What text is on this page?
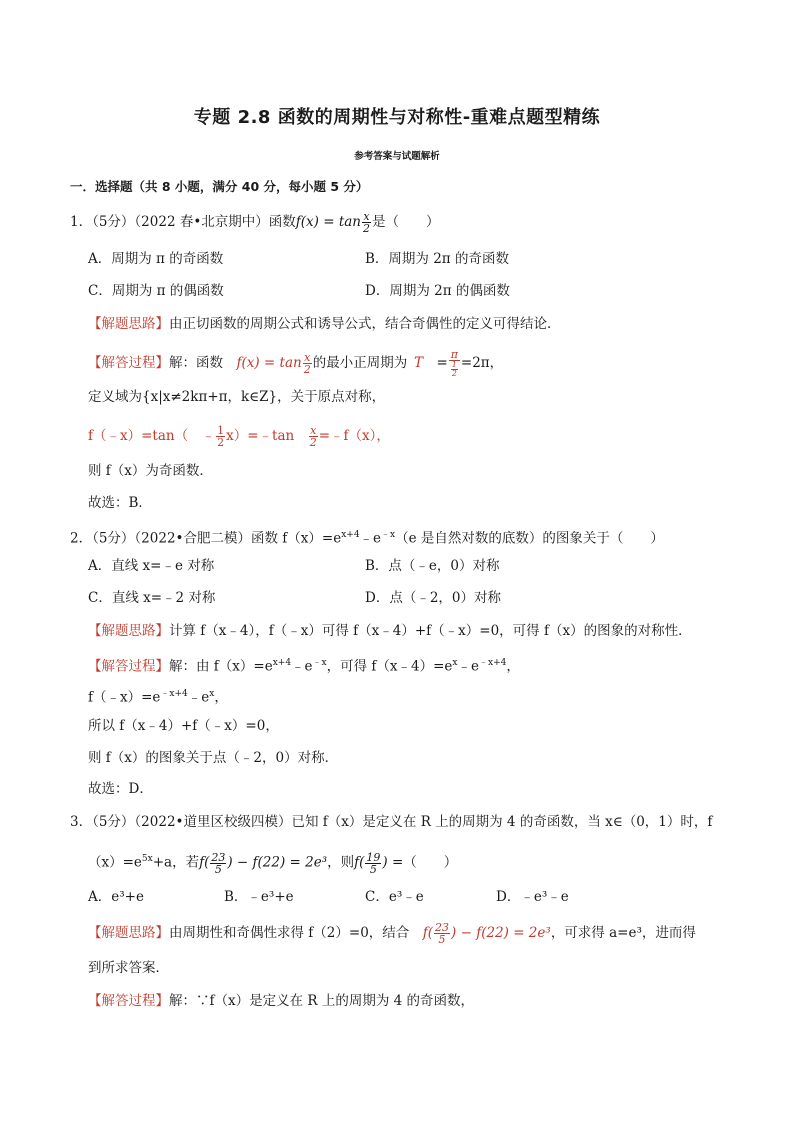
专题 2.8 函数的周期性与对称性-重难点题型精练
参考答案与试题解析
一．选择题（共 8 小题，满分 40 分，每小题 5 分）
1．（5分）（2022 春•北京期中）函数$f(x) = \tan \frac{x}{2}$ 是（　　）
A．周期为 π 的奇函数	B．周期为 2π 的奇函数
C．周期为 π 的偶函数	D．周期为 2π 的偶函数
【解题思路】由正切函数的周期公式和诱导公式，结合奇偶性的定义可得结论．
【解答过程】解：函数  $f(x) = \tan \frac{x}{2}$ 的最小正周期为  T = $\frac{\pi}{\frac{1}{2}} =2\pi$，
定义域为{x|x≠2kπ+π，k∈Z}，关于原点对称，
f（﹣x）=tan（　﹣ $\frac{1}{2}$ x）=﹣tan  $\frac{x}{2}$ =﹣f（x），
则 f（x）为奇函数．
故选：B．
2．（5分）（2022•合肥二模）函数 $f(x)=e^{x+4}﹣e^{﹣x}(e$ 是自然对数的底数）的图象关于（　　）
A．直线 x=﹣e 对称	B．点（﹣e，0）对称
C．直线 x=﹣2 对称	D．点（﹣2，0）对称
【解题思路】计算 f（x﹣4），f（﹣x）可得 f（x﹣4）+f（﹣x）=0，可得 f（x）的图象的对称性．
【解答过程】解：由 $f(x)=e^{x+4}﹣e^{﹣x}$，可得 $f(x﹣4)=e^x﹣e^{﹣x+4}$，
$f(﹣x)=e^{﹣x+4}﹣e^x$，
所以 f（x﹣4）+f（﹣x）=0，
则 f（x）的图象关于点（﹣2，0）对称．
故选：D．
3．（5分）（2022•道里区校级四模）已知 f（x）是定义在 R 上的周期为 4 的奇函数，当 x∈（0，1）时，f
$(x)=e^{5x}+a$，若$f( \frac{23}{5}$ ) − f(22) = 2e³，则$f( \frac{19}{5}$ ) =（　　）
A．e³+e	B．﹣e³+e	C．e³﹣e	D．﹣e³﹣e
【解题思路】由周期性和奇偶性求得 f（2）=0，结合  $f( \frac{23}{5}$ ) − f(22) = 2e³，可求得 a=e³，进而得
到所求答案．
【解答过程】解：∵f（x）是定义在 R 上的周期为 4 的奇函数，
